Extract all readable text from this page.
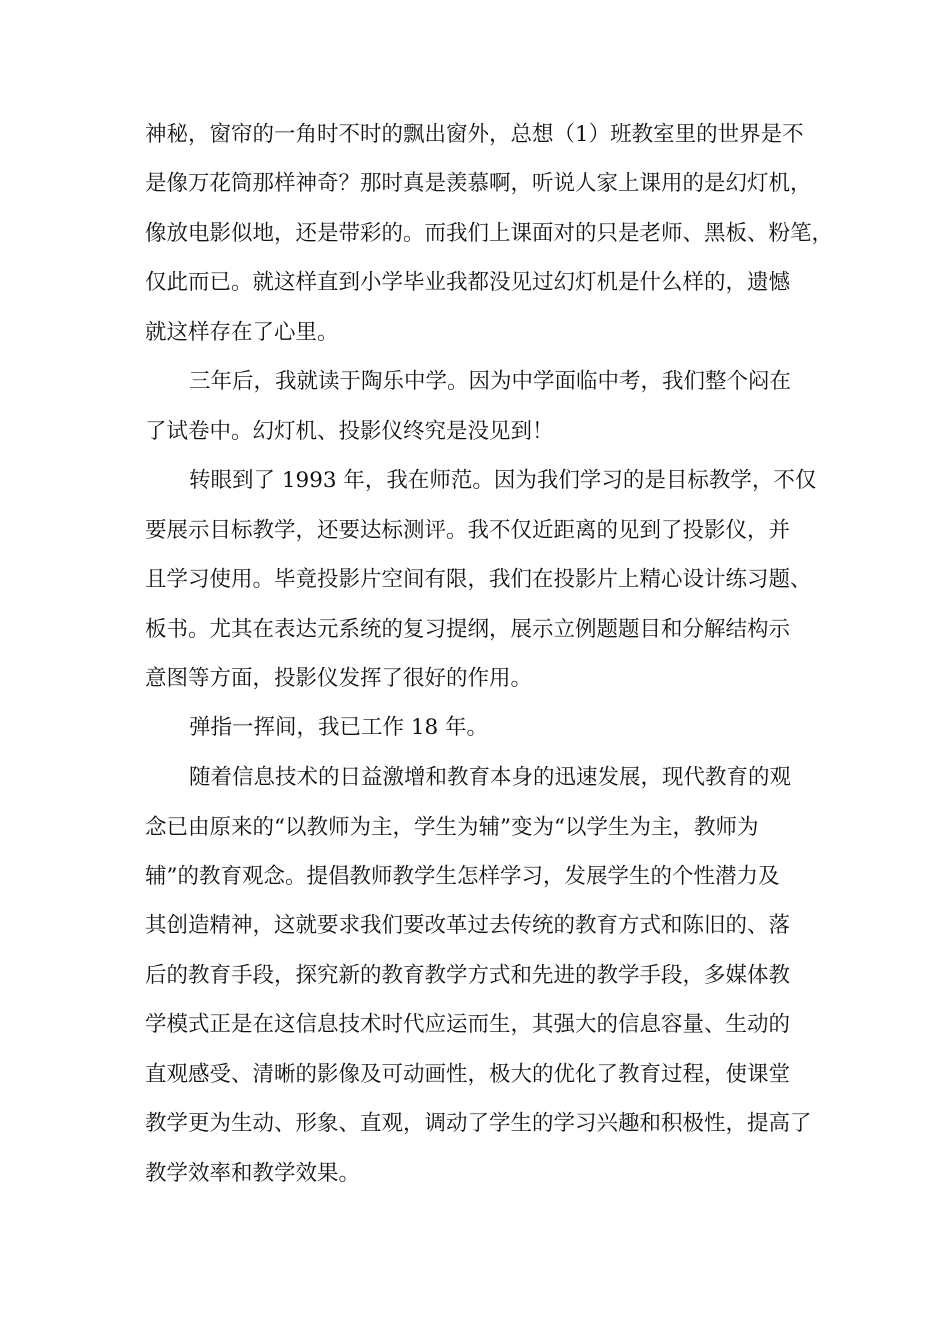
神秘，窗帘的一角时不时的飘出窗外，总想（1）班教室里的世界是不
是像万花筒那样神奇？那时真是羡慕啊，听说人家上课用的是幻灯机，
像放电影似地，还是带彩的。而我们上课面对的只是老师、黑板、粉笔，
仅此而已。就这样直到小学毕业我都没见过幻灯机是什么样的，遗憾
就这样存在了心里。
三年后，我就读于陶乐中学。因为中学面临中考，我们整个闷在
了试卷中。幻灯机、投影仪终究是没见到！
转眼到了 1993 年，我在师范。因为我们学习的是目标教学，不仅
要展示目标教学，还要达标测评。我不仅近距离的见到了投影仪，并
且学习使用。毕竟投影片空间有限，我们在投影片上精心设计练习题、
板书。尤其在表达元系统的复习提纲，展示立例题题目和分解结构示
意图等方面，投影仪发挥了很好的作用。
弹指一挥间，我已工作 18 年。
随着信息技术的日益激增和教育本身的迅速发展，现代教育的观
念已由原来的“以教师为主，学生为辅”变为“以学生为主，教师为
辅”的教育观念。提倡教师教学生怎样学习，发展学生的个性潜力及
其创造精神，这就要求我们要改革过去传统的教育方式和陈旧的、落
后的教育手段，探究新的教育教学方式和先进的教学手段，多媒体教
学模式正是在这信息技术时代应运而生，其强大的信息容量、生动的
直观感受、清晰的影像及可动画性，极大的优化了教育过程，使课堂
教学更为生动、形象、直观，调动了学生的学习兴趣和积极性，提高了
教学效率和教学效果。
